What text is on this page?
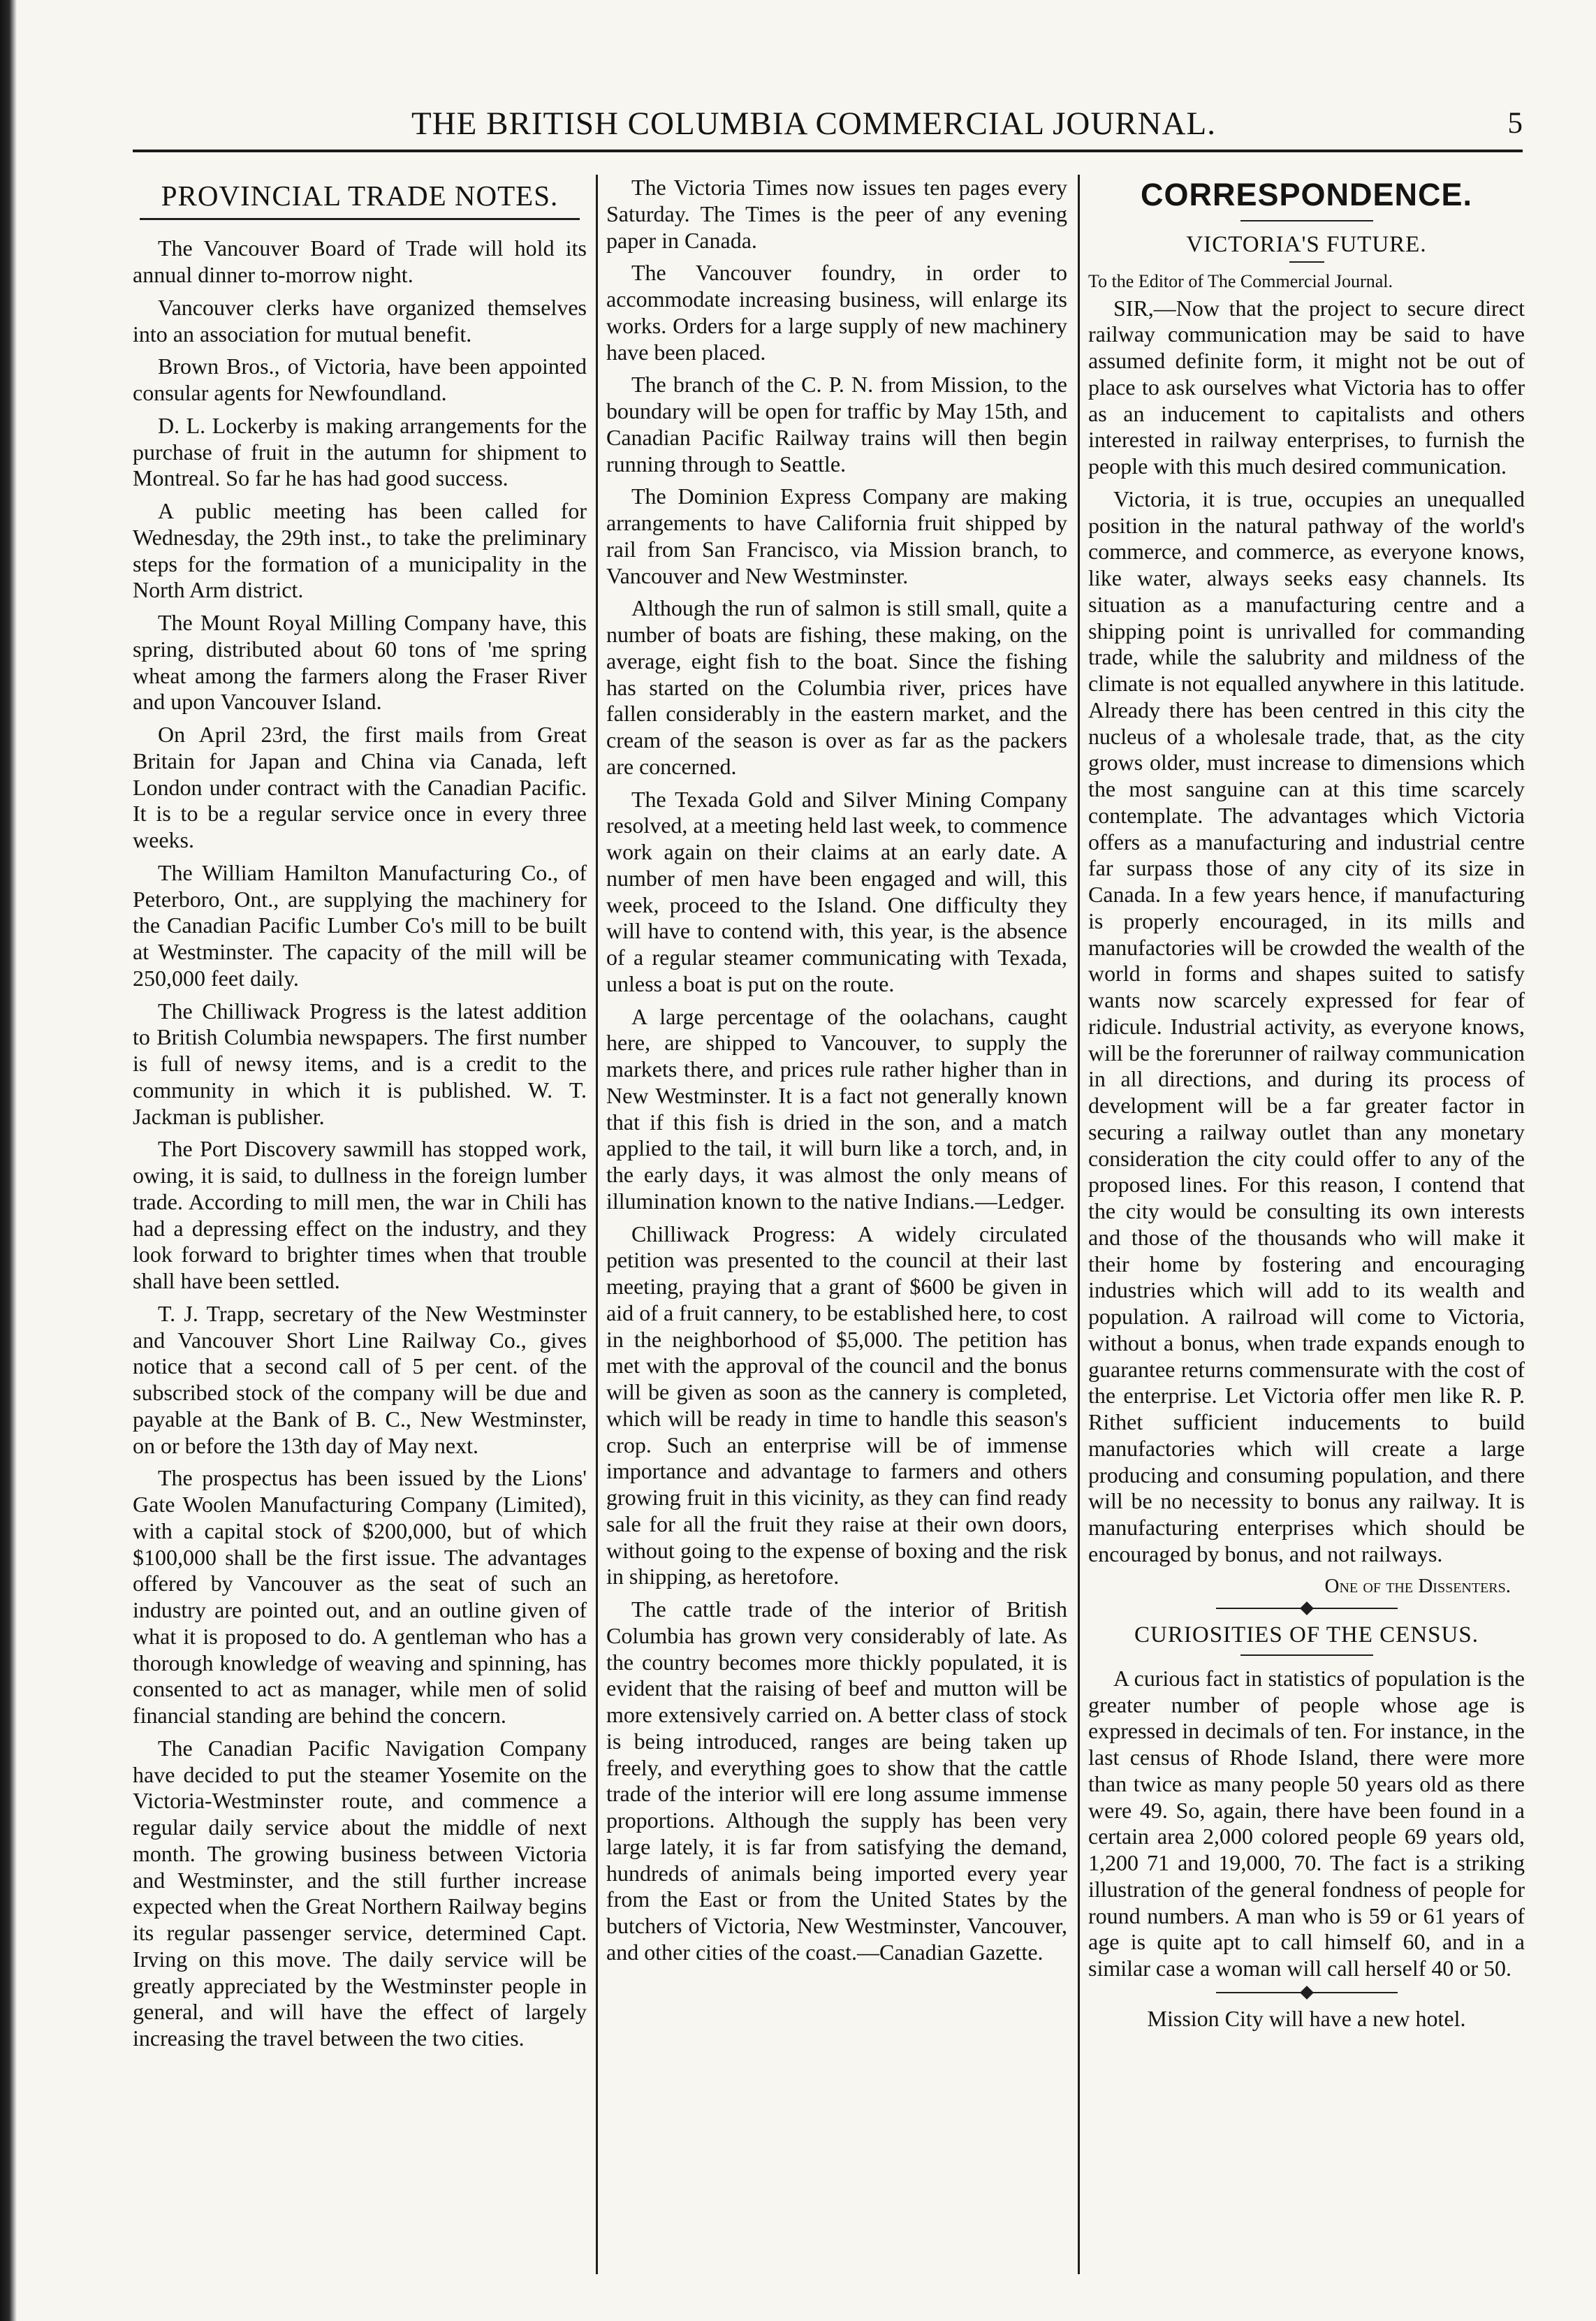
THE BRITISH COLUMBIA COMMERCIAL JOURNAL.	5
PROVINCIAL TRADE NOTES.

The Vancouver Board of Trade will hold its annual dinner to-morrow night.

Vancouver clerks have organized themselves into an association for mutual benefit.

Brown Bros., of Victoria, have been appointed consular agents for Newfoundland.

D. L. Lockerby is making arrangements for the purchase of fruit in the autumn for shipment to Montreal. So far he has had good success.

A public meeting has been called for Wednesday, the 29th inst., to take the preliminary steps for the formation of a municipality in the North Arm district.

The Mount Royal Milling Company have, this spring, distributed about 60 tons of 'me spring wheat among the farmers along the Fraser River and upon Vancouver Island.

On April 23rd, the first mails from Great Britain for Japan and China via Canada, left London under contract with the Canadian Pacific. It is to be a regular service once in every three weeks.

The William Hamilton Manufacturing Co., of Peterboro, Ont., are supplying the machinery for the Canadian Pacific Lumber Co's mill to be built at Westminster. The capacity of the mill will be 250,000 feet daily.

The Chilliwack Progress is the latest addition to British Columbia newspapers. The first number is full of newsy items, and is a credit to the community in which it is published. W. T. Jackman is publisher.

The Port Discovery sawmill has stopped work, owing, it is said, to dullness in the foreign lumber trade. According to mill men, the war in Chili has had a depressing effect on the industry, and they look forward to brighter times when that trouble shall have been settled.

T. J. Trapp, secretary of the New Westminster and Vancouver Short Line Railway Co., gives notice that a second call of 5 per cent. of the subscribed stock of the company will be due and payable at the Bank of B. C., New Westminster, on or before the 13th day of May next.

The prospectus has been issued by the Lions' Gate Woolen Manufacturing Company (Limited), with a capital stock of $200,000, but of which $100,000 shall be the first issue. The advantages offered by Vancouver as the seat of such an industry are pointed out, and an outline given of what it is proposed to do. A gentleman who has a thorough knowledge of weaving and spinning, has consented to act as manager, while men of solid financial standing are behind the concern.

The Canadian Pacific Navigation Company have decided to put the steamer Yosemite on the Victoria-Westminster route, and commence a regular daily service about the middle of next month. The growing business between Victoria and Westminster, and the still further increase expected when the Great Northern Railway begins its regular passenger service, determined Capt. Irving on this move. The daily service will be greatly appreciated by the Westminster people in general, and will have the effect of largely increasing the travel between the two cities.

The Victoria Times now issues ten pages every Saturday. The Times is the peer of any evening paper in Canada.

The Vancouver foundry, in order to accommodate increasing business, will enlarge its works. Orders for a large supply of new machinery have been placed.

The branch of the C. P. N. from Mission, to the boundary will be open for traffic by May 15th, and Canadian Pacific Railway trains will then begin running through to Seattle.

The Dominion Express Company are making arrangements to have California fruit shipped by rail from San Francisco, via Mission branch, to Vancouver and New Westminster.

Although the run of salmon is still small, quite a number of boats are fishing, these making, on the average, eight fish to the boat. Since the fishing has started on the Columbia river, prices have fallen considerably in the eastern market, and the cream of the season is over as far as the packers are concerned.

The Texada Gold and Silver Mining Company resolved, at a meeting held last week, to commence work again on their claims at an early date. A number of men have been engaged and will, this week, proceed to the Island. One difficulty they will have to contend with, this year, is the absence of a regular steamer communicating with Texada, unless a boat is put on the route.

A large percentage of the oolachans, caught here, are shipped to Vancouver, to supply the markets there, and prices rule rather higher than in New Westminster. It is a fact not generally known that if this fish is dried in the son, and a match applied to the tail, it will burn like a torch, and, in the early days, it was almost the only means of illumination known to the native Indians.—Ledger.

Chilliwack Progress: A widely circulated petition was presented to the council at their last meeting, praying that a grant of $600 be given in aid of a fruit cannery, to be established here, to cost in the neighborhood of $5,000. The petition has met with the approval of the council and the bonus will be given as soon as the cannery is completed, which will be ready in time to handle this season's crop. Such an enterprise will be of immense importance and advantage to farmers and others growing fruit in this vicinity, as they can find ready sale for all the fruit they raise at their own doors, without going to the expense of boxing and the risk in shipping, as heretofore.

The cattle trade of the interior of British Columbia has grown very considerably of late. As the country becomes more thickly populated, it is evident that the raising of beef and mutton will be more extensively carried on. A better class of stock is being introduced, ranges are being taken up freely, and everything goes to show that the cattle trade of the interior will ere long assume immense proportions. Although the supply has been very large lately, it is far from satisfying the demand, hundreds of animals being imported every year from the East or from the United States by the butchers of Victoria, New Westminster, Vancouver, and other cities of the coast.—Canadian Gazette.

CORRESPONDENCE.
VICTORIA'S FUTURE.

To the Editor of The Commercial Journal.

SIR,—Now that the project to secure direct railway communication may be said to have assumed definite form, it might not be out of place to ask ourselves what Victoria has to offer as an inducement to capitalists and others interested in railway enterprises, to furnish the people with this much desired communication.

Victoria, it is true, occupies an unequalled position in the natural pathway of the world's commerce, and commerce, as everyone knows, like water, always seeks easy channels. Its situation as a manufacturing centre and a shipping point is unrivalled for commanding trade, while the salubrity and mildness of the climate is not equalled anywhere in this latitude. Already there has been centred in this city the nucleus of a wholesale trade, that, as the city grows older, must increase to dimensions which the most sanguine can at this time scarcely contemplate. The advantages which Victoria offers as a manufacturing and industrial centre far surpass those of any city of its size in Canada. In a few years hence, if manufacturing is properly encouraged, in its mills and manufactories will be crowded the wealth of the world in forms and shapes suited to satisfy wants now scarcely expressed for fear of ridicule. Industrial activity, as everyone knows, will be the forerunner of railway communication in all directions, and during its process of development will be a far greater factor in securing a railway outlet than any monetary consideration the city could offer to any of the proposed lines. For this reason, I contend that the city would be consulting its own interests and those of the thousands who will make it their home by fostering and encouraging industries which will add to its wealth and population. A railroad will come to Victoria, without a bonus, when trade expands enough to guarantee returns commensurate with the cost of the enterprise. Let Victoria offer men like R. P. Rithet sufficient inducements to build manufactories which will create a large producing and consuming population, and there will be no necessity to bonus any railway. It is manufacturing enterprises which should be encouraged by bonus, and not railways.

One of the Dissenters.

CURIOSITIES OF THE CENSUS.

A curious fact in statistics of population is the greater number of people whose age is expressed in decimals of ten. For instance, in the last census of Rhode Island, there were more than twice as many people 50 years old as there were 49. So, again, there have been found in a certain area 2,000 colored people 69 years old, 1,200 71 and 19,000, 70. The fact is a striking illustration of the general fondness of people for round numbers. A man who is 59 or 61 years of age is quite apt to call himself 60, and in a similar case a woman will call herself 40 or 50.

Mission City will have a new hotel.
